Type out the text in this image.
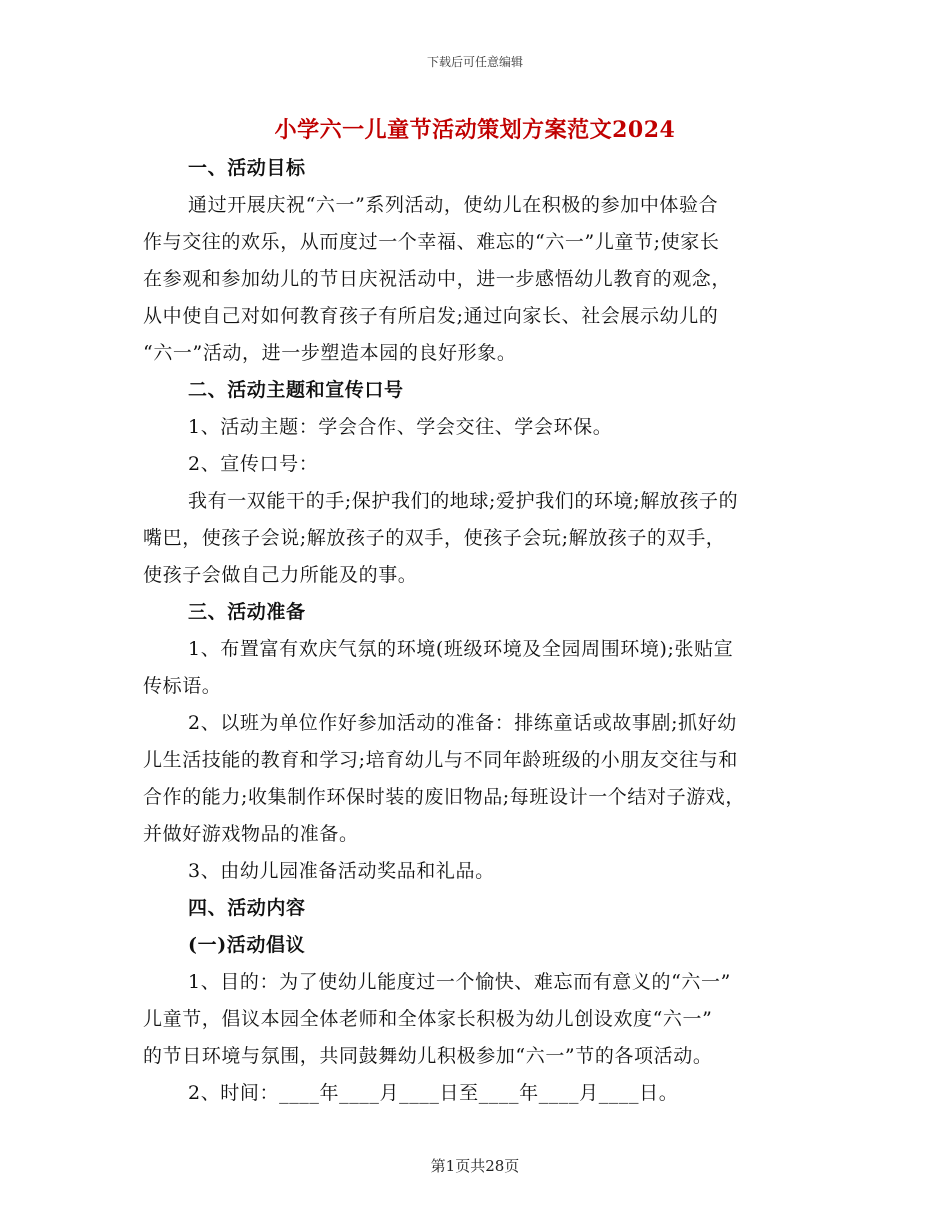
下载后可任意编辑
小学六一儿童节活动策划方案范文2024
一、活动目标
通过开展庆祝“六一”系列活动，使幼儿在积极的参加中体验合
作与交往的欢乐，从而度过一个幸福、难忘的“六一”儿童节;使家长
在参观和参加幼儿的节日庆祝活动中，进一步感悟幼儿教育的观念，
从中使自己对如何教育孩子有所启发;通过向家长、社会展示幼儿的
“六一”活动，进一步塑造本园的良好形象。
二、活动主题和宣传口号
1、活动主题：学会合作、学会交往、学会环保。
2、宣传口号：
我有一双能干的手;保护我们的地球;爱护我们的环境;解放孩子的
嘴巴，使孩子会说;解放孩子的双手，使孩子会玩;解放孩子的双手，
使孩子会做自己力所能及的事。
三、活动准备
1、布置富有欢庆气氛的环境(班级环境及全园周围环境);张贴宣
传标语。
2、以班为单位作好参加活动的准备：排练童话或故事剧;抓好幼
儿生活技能的教育和学习;培育幼儿与不同年龄班级的小朋友交往与和
合作的能力;收集制作环保时装的废旧物品;每班设计一个结对子游戏，
并做好游戏物品的准备。
3、由幼儿园准备活动奖品和礼品。
四、活动内容
(一)活动倡议
1、目的：为了使幼儿能度过一个愉快、难忘而有意义的“六一”
儿童节，倡议本园全体老师和全体家长积极为幼儿创设欢度“六一”
的节日环境与氛围，共同鼓舞幼儿积极参加“六一”节的各项活动。
2、时间：____年____月____日至____年____月____日。
第1页共28页
